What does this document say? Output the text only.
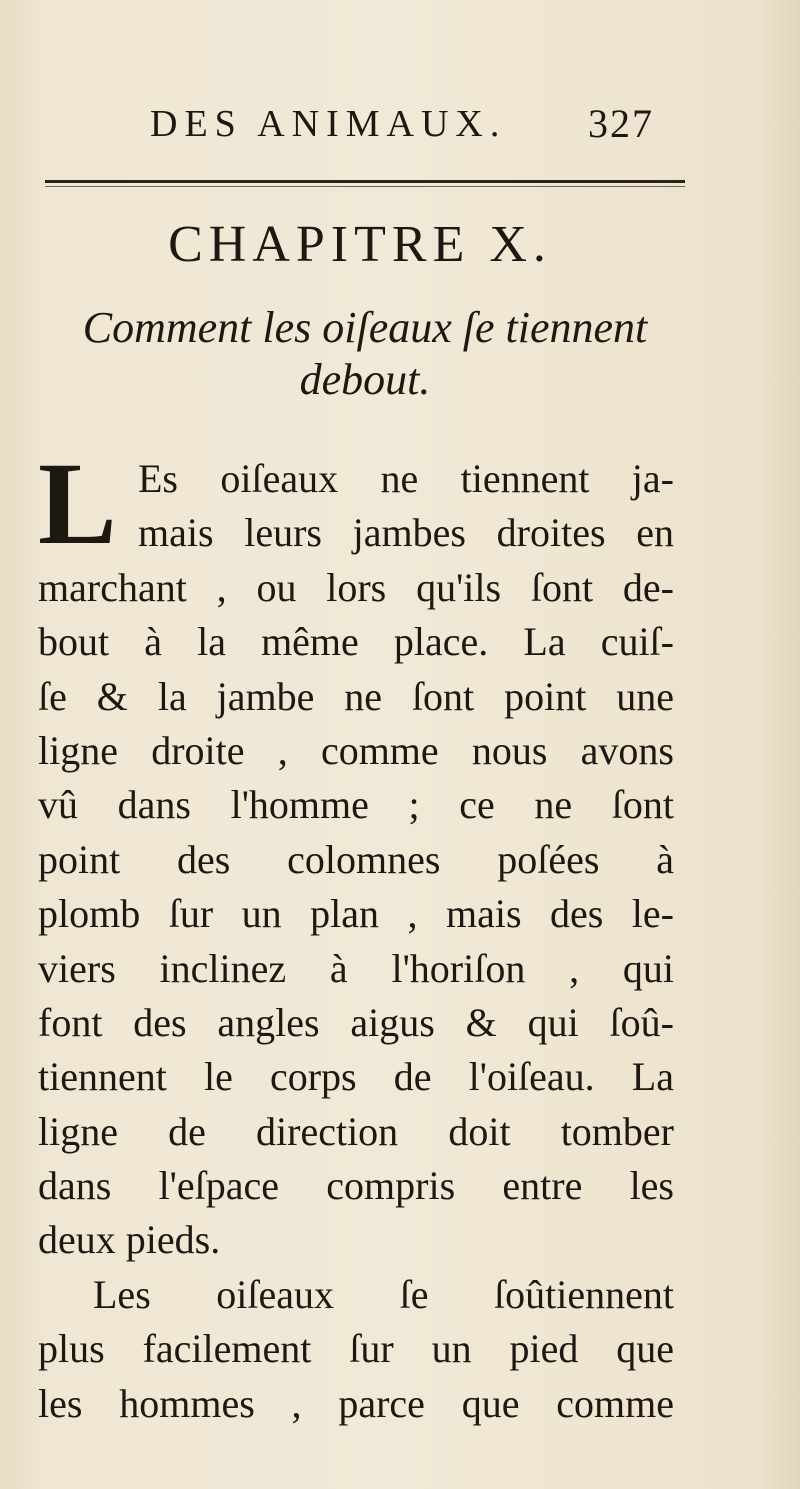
DES ANIMAUX. 327
CHAPITRE X.
Comment les oiſeaux ſe tiennent
debout.
L Es oiſeaux ne tiennent ja-
mais leurs jambes droites en
marchant , ou lors qu'ils ſont de-
bout à la même place. La cuiſ-
ſe & la jambe ne ſont point une
ligne droite , comme nous avons
vû dans l'homme ; ce ne ſont
point des colomnes poſées à
plomb ſur un plan , mais des le-
viers inclinez à l'horiſon , qui
font des angles aigus & qui ſoû-
tiennent le corps de l'oiſeau. La
ligne de direction doit tomber
dans l'eſpace compris entre les
deux pieds.
Les oiſeaux ſe ſoûtiennent
plus facilement ſur un pied que
les hommes , parce que comme
